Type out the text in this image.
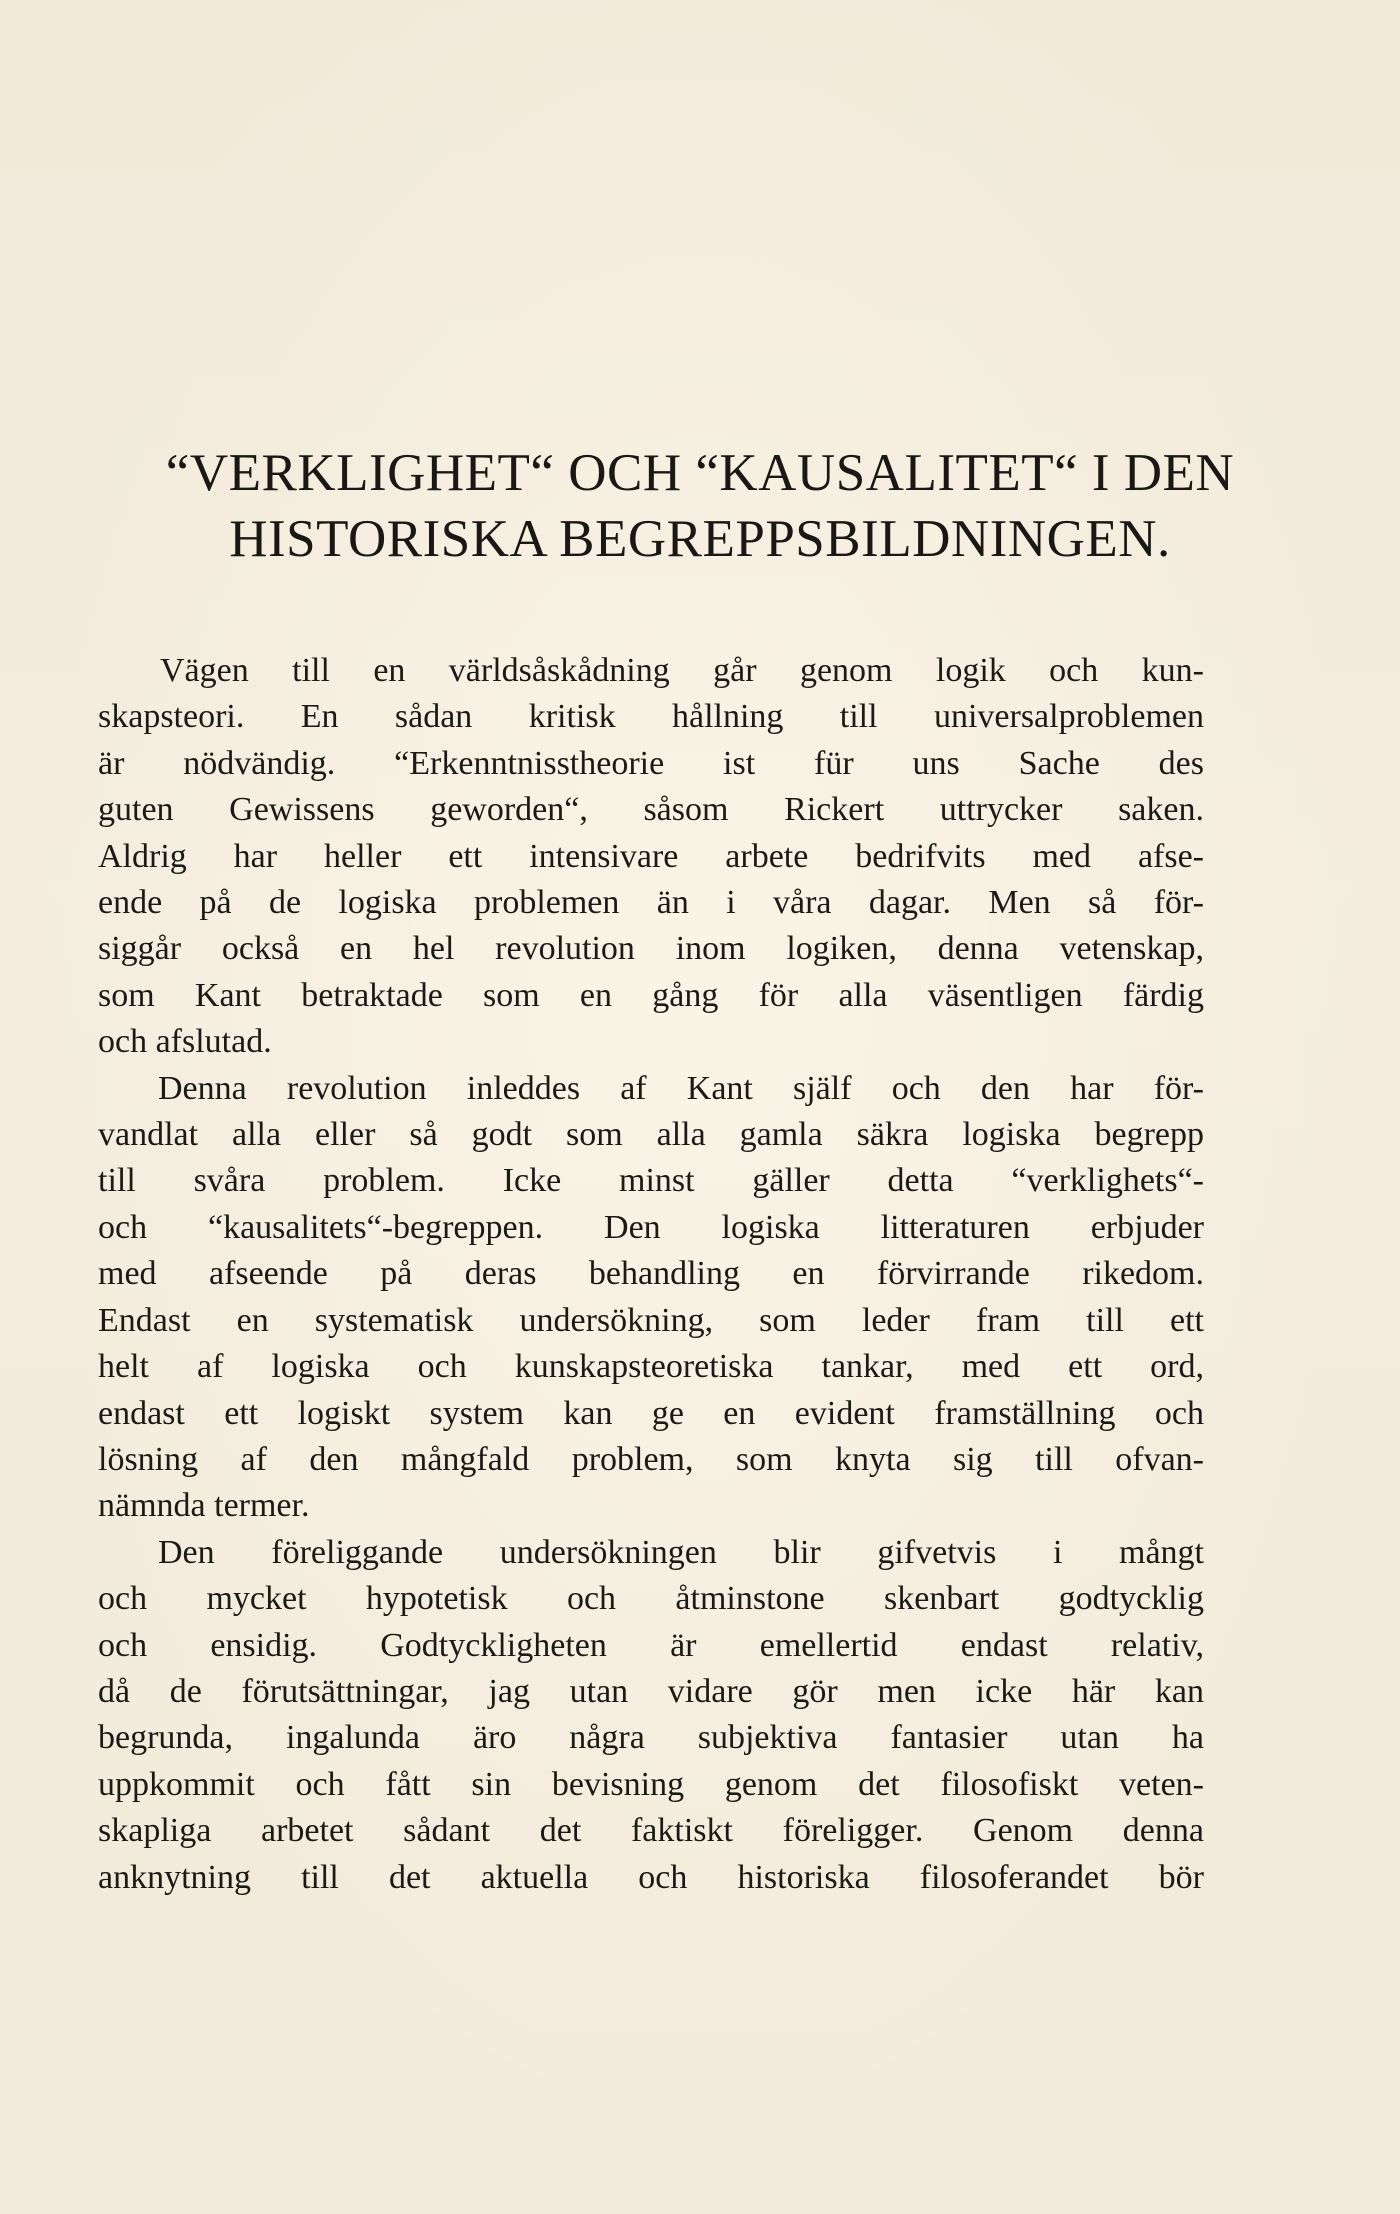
“VERKLIGHET“ OCH “KAUSALITET“ I DEN
HISTORISKA BEGREPPSBILDNINGEN.

Vägen till en världsåskådning går genom logik och kun-
skapsteori. En sådan kritisk hållning till universalproblemen
är nödvändig. “Erkenntnisstheorie ist für uns Sache des
guten Gewissens geworden“, såsom Rickert uttrycker saken.
Aldrig har heller ett intensivare arbete bedrifvits med afse-
ende på de logiska problemen än i våra dagar. Men så för-
siggår också en hel revolution inom logiken, denna vetenskap,
som Kant betraktade som en gång för alla väsentligen färdig
och afslutad.

Denna revolution inleddes af Kant själf och den har för-
vandlat alla eller så godt som alla gamla säkra logiska begrepp
till svåra problem. Icke minst gäller detta “verklighets“-
och “kausalitets“-begreppen. Den logiska litteraturen erbjuder
med afseende på deras behandling en förvirrande rikedom.
Endast en systematisk undersökning, som leder fram till ett
helt af logiska och kunskapsteoretiska tankar, med ett ord,
endast ett logiskt system kan ge en evident framställning och
lösning af den mångfald problem, som knyta sig till ofvan-
nämnda termer.

Den föreliggande undersökningen blir gifvetvis i mångt
och mycket hypotetisk och åtminstone skenbart godtycklig
och ensidig. Godtyckligheten är emellertid endast relativ,
då de förutsättningar, jag utan vidare gör men icke här kan
begrunda, ingalunda äro några subjektiva fantasier utan ha
uppkommit och fått sin bevisning genom det filosofiskt veten-
skapliga arbetet sådant det faktiskt föreligger. Genom denna
anknytning till det aktuella och historiska filosoferandet bör
